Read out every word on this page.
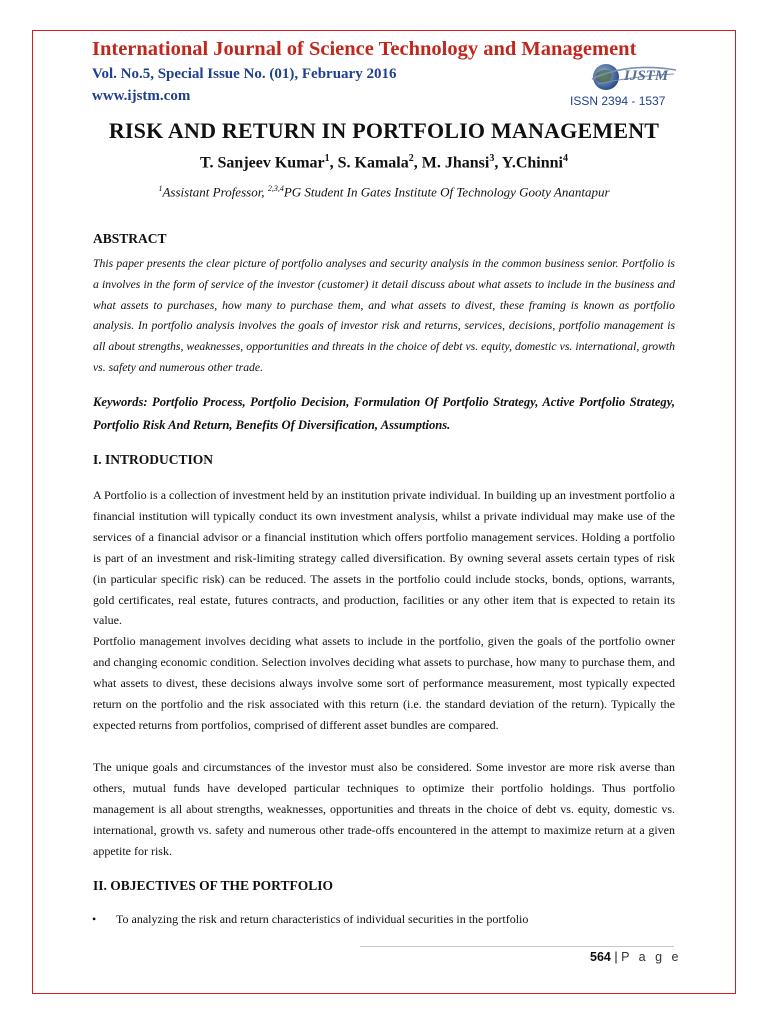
International Journal of Science Technology and Management
Vol. No.5, Special Issue No. (01), February 2016
www.ijstm.com
IJSTM
ISSN 2394 - 1537
RISK AND RETURN IN PORTFOLIO MANAGEMENT
T. Sanjeev Kumar$^1$, S. Kamala$^2$, M. Jhansi$^3$, Y.Chinni$^4$
$^1$Assistant Professor, $^{2,3,4}$PG Student In Gates Institute Of Technology Gooty Anantapur
ABSTRACT
This paper presents the clear picture of portfolio analyses and security analysis in the common business senior. Portfolio is a involves in the form of service of the investor (customer) it detail discuss about what assets to include in the business and what assets to purchases, how many to purchase them, and what assets to divest, these framing is known as portfolio analysis. In portfolio analysis involves the goals of investor risk and returns, services, decisions, portfolio management is all about strengths, weaknesses, opportunities and threats in the choice of debt vs. equity, domestic vs. international, growth vs. safety and numerous other trade.
Keywords: Portfolio Process, Portfolio Decision, Formulation Of Portfolio Strategy, Active Portfolio Strategy, Portfolio Risk And Return, Benefits Of Diversification, Assumptions.
I. INTRODUCTION
A Portfolio is a collection of investment held by an institution private individual. In building up an investment portfolio a financial institution will typically conduct its own investment analysis, whilst a private individual may make use of the services of a financial advisor or a financial institution which offers portfolio management services. Holding a portfolio is part of an investment and risk-limiting strategy called diversification. By owning several assets certain types of risk (in particular specific risk) can be reduced. The assets in the portfolio could include stocks, bonds, options, warrants, gold certificates, real estate, futures contracts, and production, facilities or any other item that is expected to retain its value.
Portfolio management involves deciding what assets to include in the portfolio, given the goals of the portfolio owner and changing economic condition. Selection involves deciding what assets to purchase, how many to purchase them, and what assets to divest, these decisions always involve some sort of performance measurement, most typically expected return on the portfolio and the risk associated with this return (i.e. the standard deviation of the return). Typically the expected returns from portfolios, comprised of different asset bundles are compared.
The unique goals and circumstances of the investor must also be considered. Some investor are more risk averse than others, mutual funds have developed particular techniques to optimize their portfolio holdings. Thus portfolio management is all about strengths, weaknesses, opportunities and threats in the choice of debt vs. equity, domestic vs. international, growth vs. safety and numerous other trade-offs encountered in the attempt to maximize return at a given appetite for risk.
II. OBJECTIVES OF THE PORTFOLIO
• To analyzing the risk and return characteristics of individual securities in the portfolio
564 | P a g e
